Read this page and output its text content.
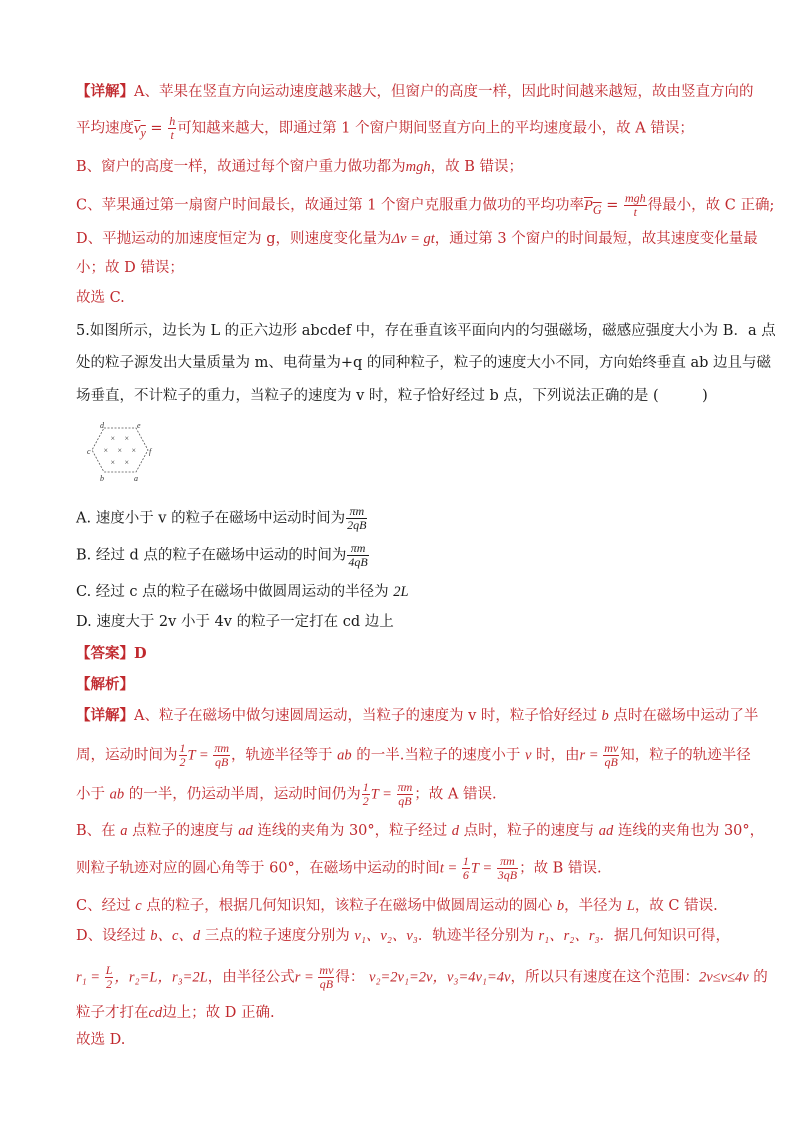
【详解】A、苹果在竖直方向运动速度越来越大，但窗户的高度一样，因此时间越来越短，故由竖直方向的
平均速度$v_y = \frac{h}{t}$ 可知越来越大，即通过第 1 个窗户期间竖直方向上的平均速度最小，故 A 错误；
B、窗户的高度一样，故通过每个窗户重力做功都为mgh，故 B 错误；
C、苹果通过第一扇窗户时间最长，故通过第 1 个窗户克服重力做功的平均功率$P_G = \frac{\text{mgh}}{t}$ 得最小，故 C 正确;
D、平抛运动的加速度恒定为 g，则速度变化量为Δv = gt，通过第 3 个窗户的时间最短，故其速度变化量最
小；故 D 错误；
故选 C.
5.如图所示，边长为 L 的正六边形 abcdef 中，存在垂直该平面向内的匀强磁场，磁感应强度大小为 B．a 点
处的粒子源发出大量质量为 m、电荷量为+q 的同种粒子，粒子的速度大小不同，方向始终垂直 ab 边且与磁
场垂直，不计粒子的重力，当粒子的速度为 v 时，粒子恰好经过 b 点，下列说法正确的是 (　　　)
d	e
c	f
b	a
× ×
× × ×
× ×
A. 速度小于 v 的粒子在磁场中运动时间为 $\frac{\pi m}{2qB}$
B. 经过 d 点的粒子在磁场中运动的时间为 $\frac{\pi m}{4qB}$
C. 经过 c 点的粒子在磁场中做圆周运动的半径为 2L
D. 速度大于 2v 小于 4v 的粒子一定打在 cd 边上
【答案】D
【解析】
【详解】A、粒子在磁场中做匀速圆周运动，当粒子的速度为 v 时，粒子恰好经过 b 点时在磁场中运动了半
周，运动时间为 $\frac{1}{2}$ $T = \frac{\pi m}{qB}$ ，轨迹半径等于 ab 的一半.当粒子的速度小于 v 时，由$r = \frac{mv}{qB}$ 知，粒子的轨迹半径
小于 ab 的一半，仍运动半周，运动时间仍为 $\frac{1}{2}$ $T = \frac{\pi m}{qB}$ ；故 A 错误.
B、在 a 点粒子的速度与 ad 连线的夹角为 30°，粒子经过 d 点时，粒子的速度与 ad 连线的夹角也为 30°，
则粒子轨迹对应的圆心角等于 60°，在磁场中运动的时间$t = \frac{1}{6}$ $T = \frac{\pi m}{3qB}$ ；故 B 错误.
C、经过 c 点的粒子，根据几何知识知，该粒子在磁场中做圆周运动的圆心 b，半径为 L，故 C 错误.
D、设经过 b、c、d 三点的粒子速度分别为 v₁、v₂、v₃．轨迹半径分别为 r₁、r₂、r₃．据几何知识可得，
$r_1 = \frac{L}{2}$ ，r₂=L，r₃=2L，由半径公式$r = \frac{mv}{qB}$ 得： v₂=2v₁=2v，v₃=4v₁=4v，所以只有速度在这个范围：2v≤v≤4v 的
粒子才打在cd边上；故 D 正确.
故选 D.
